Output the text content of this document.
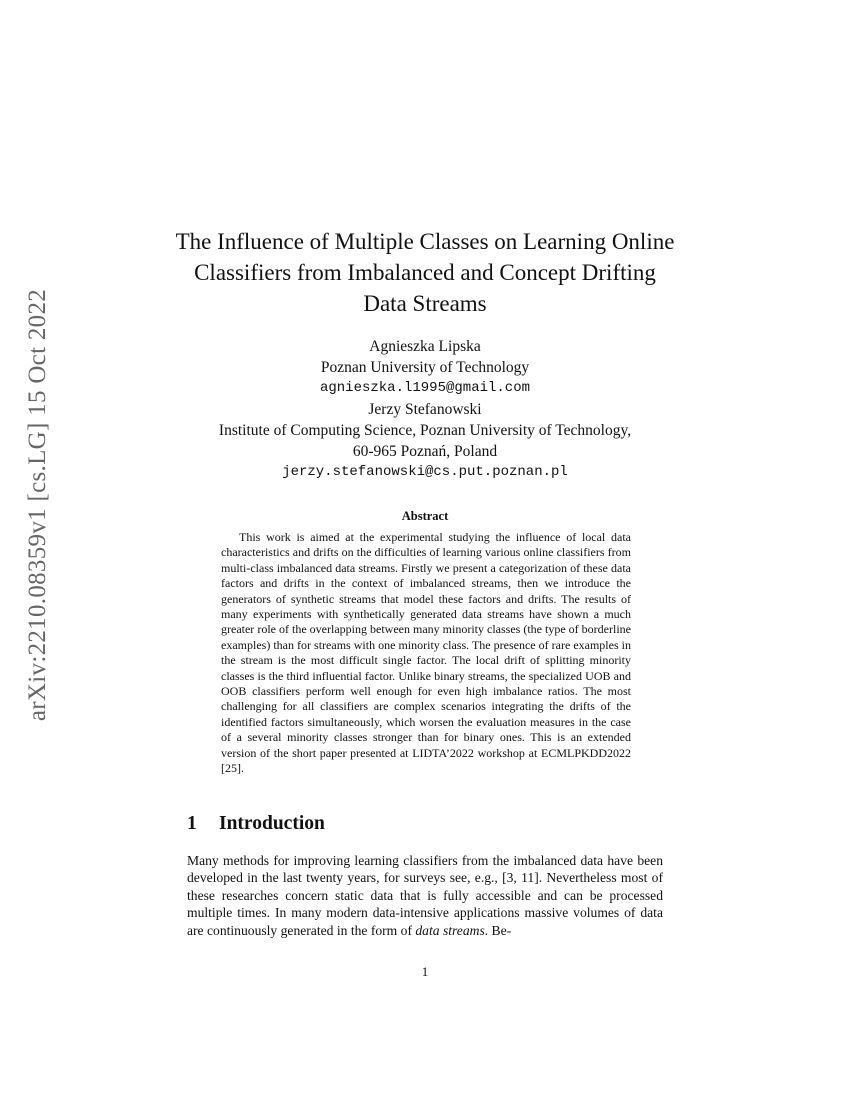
arXiv:2210.08359v1 [cs.LG] 15 Oct 2022
The Influence of Multiple Classes on Learning Online Classifiers from Imbalanced and Concept Drifting Data Streams
Agnieszka Lipska
Poznan University of Technology
agnieszka.l1995@gmail.com
Jerzy Stefanowski
Institute of Computing Science, Poznan University of Technology,
60-965 Poznań, Poland
jerzy.stefanowski@cs.put.poznan.pl
Abstract

This work is aimed at the experimental studying the influence of local data characteristics and drifts on the difficulties of learning various online classifiers from multi-class imbalanced data streams. Firstly we present a categorization of these data factors and drifts in the context of imbalanced streams, then we introduce the generators of synthetic streams that model these factors and drifts. The results of many experiments with synthetically generated data streams have shown a much greater role of the overlapping between many minority classes (the type of borderline examples) than for streams with one minority class. The presence of rare examples in the stream is the most difficult single factor. The local drift of splitting minority classes is the third influential factor. Unlike binary streams, the specialized UOB and OOB classifiers perform well enough for even high imbalance ratios. The most challenging for all classifiers are complex scenarios integrating the drifts of the identified factors simultaneously, which worsen the evaluation measures in the case of a several minority classes stronger than for binary ones. This is an extended version of the short paper presented at LIDTA’2022 workshop at ECMLPKDD2022 [25].

1 Introduction

Many methods for improving learning classifiers from the imbalanced data have been developed in the last twenty years, for surveys see, e.g., [3, 11]. Nevertheless most of these researches concern static data that is fully accessible and can be processed multiple times. In many modern data-intensive applications massive volumes of data are continuously generated in the form of data streams. Be-

1
